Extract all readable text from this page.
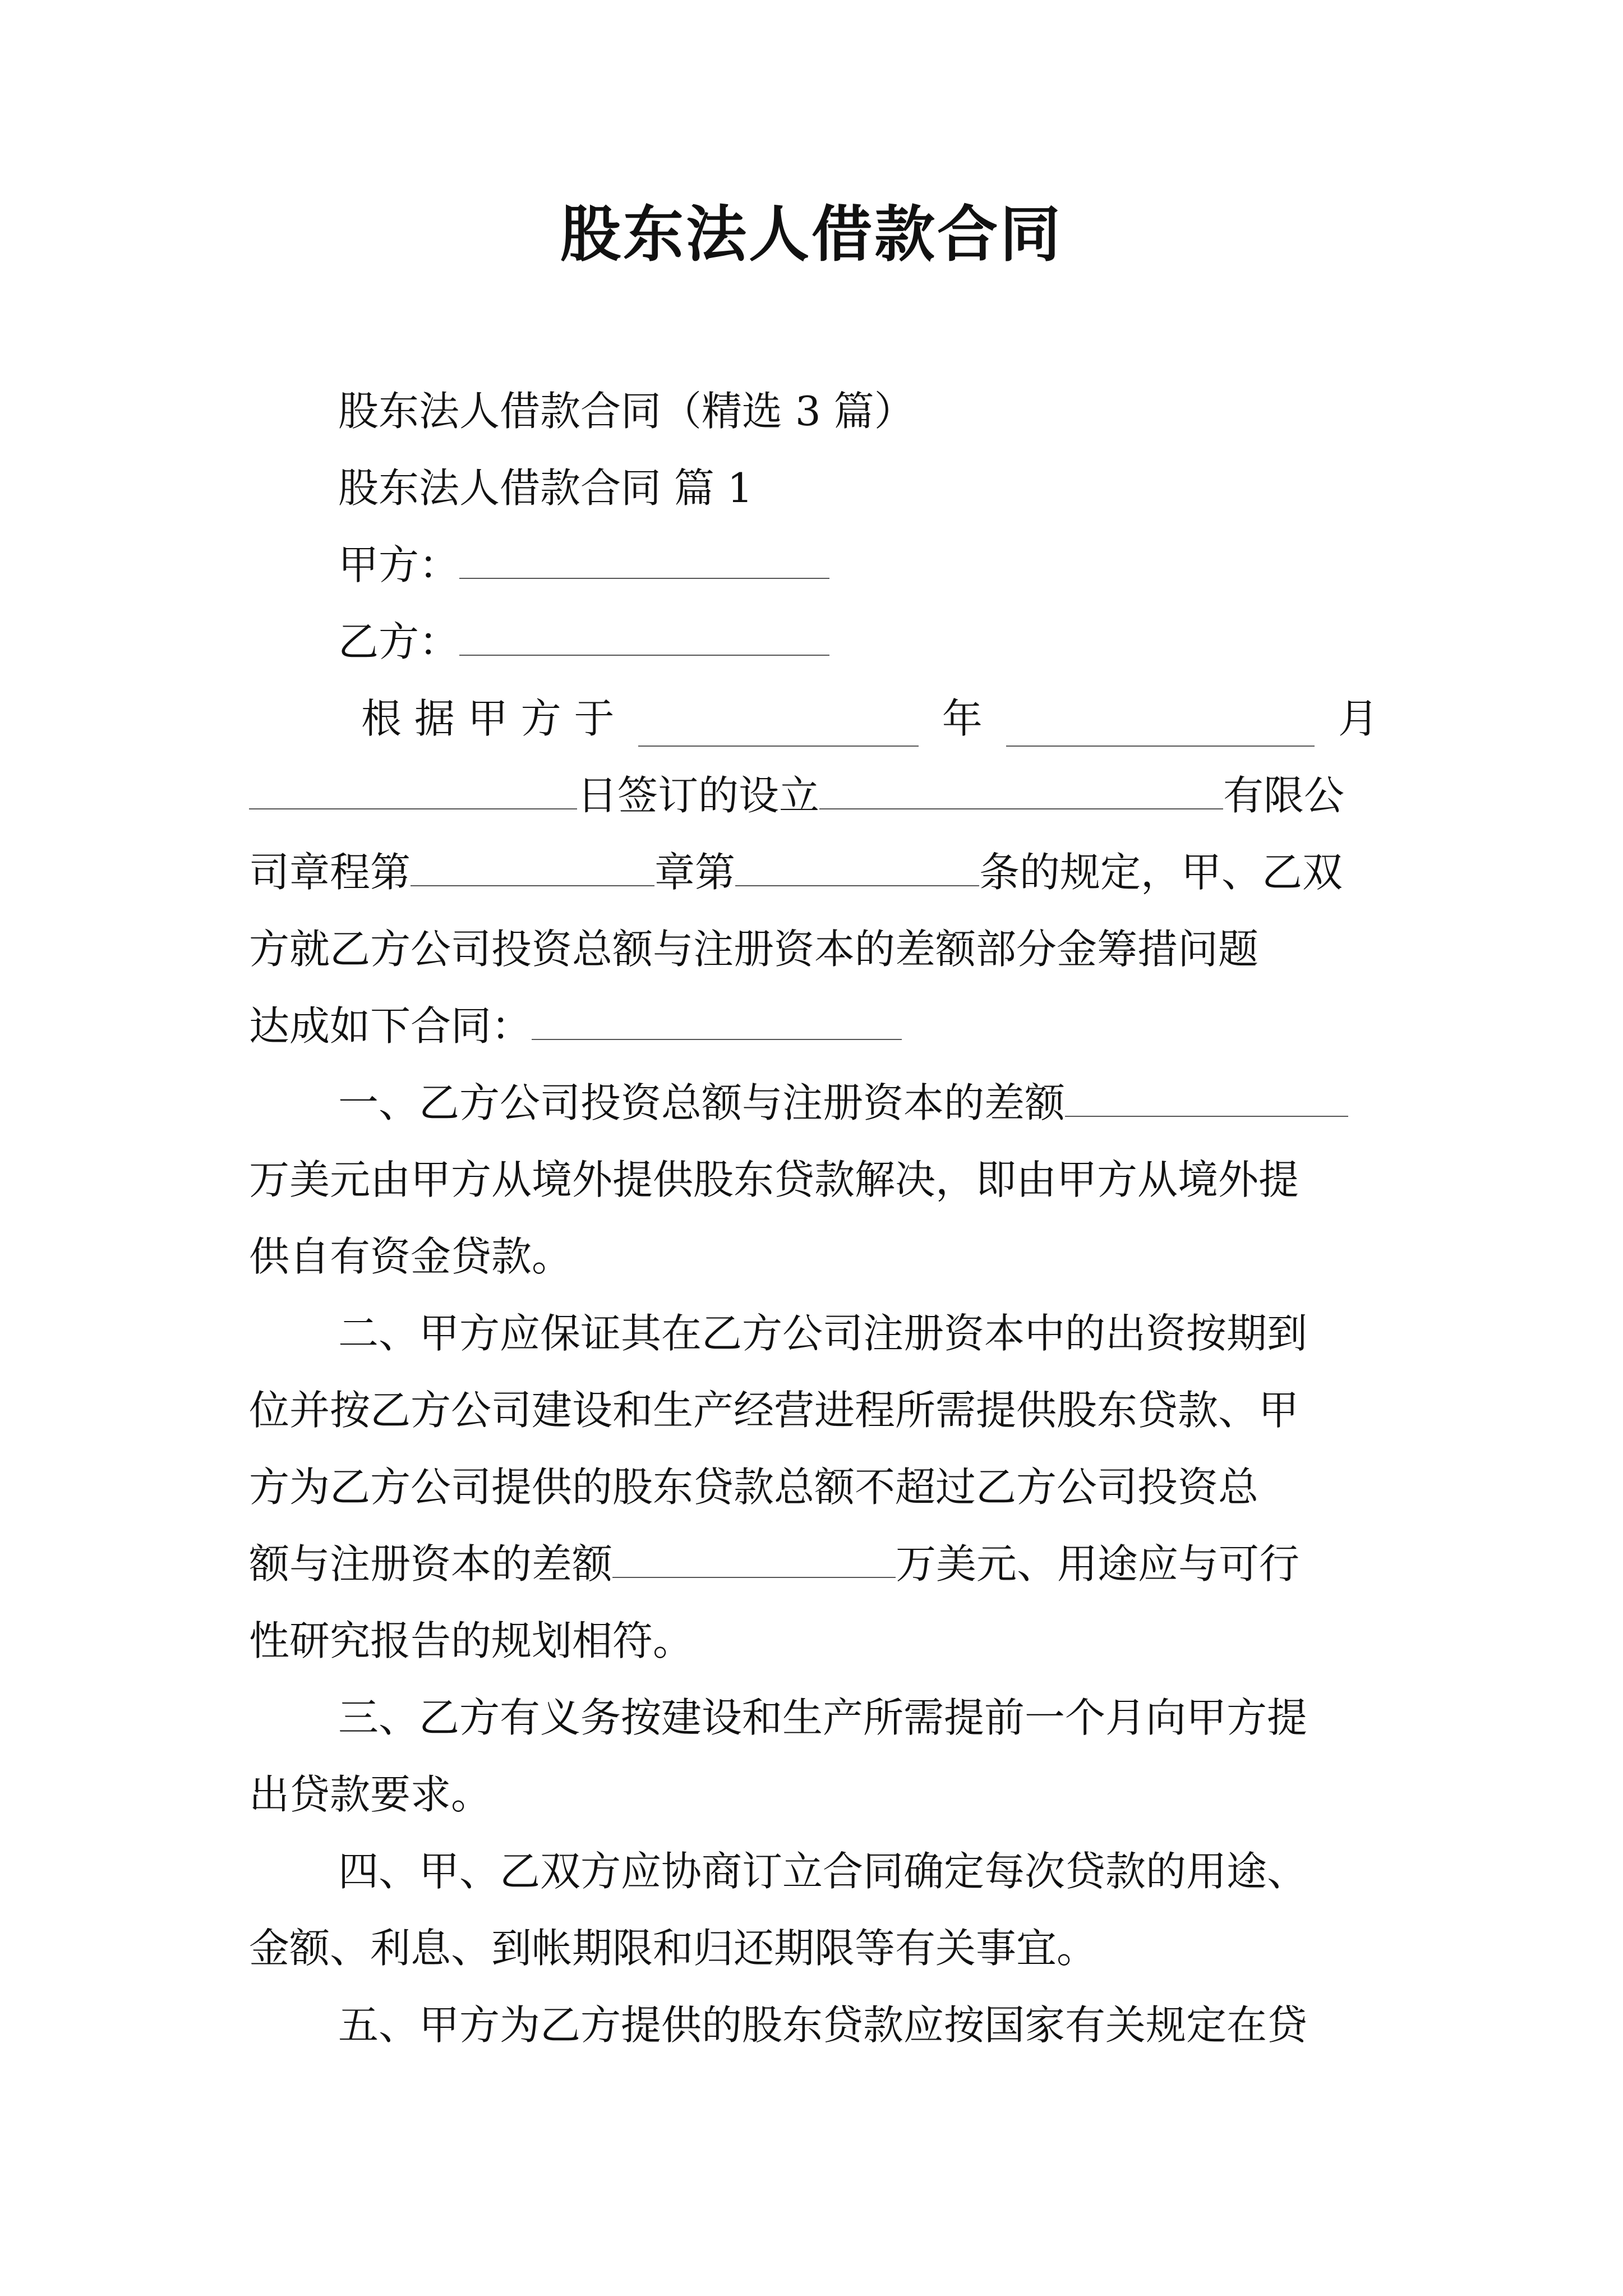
股东法人借款合同
股东法人借款合同（精选 3 篇）
股东法人借款合同 篇 1
甲方：
乙方：
根 据 甲 方 于	年	月
日签订的设立	有限公
司章程第	章第	条的规定，甲、乙双
方就乙方公司投资总额与注册资本的差额部分金筹措问题
达成如下合同：
一、乙方公司投资总额与注册资本的差额
万美元由甲方从境外提供股东贷款解决，即由甲方从境外提
供自有资金贷款。
二、甲方应保证其在乙方公司注册资本中的出资按期到
位并按乙方公司建设和生产经营进程所需提供股东贷款、甲
方为乙方公司提供的股东贷款总额不超过乙方公司投资总
额与注册资本的差额	万美元、用途应与可行
性研究报告的规划相符。
三、乙方有义务按建设和生产所需提前一个月向甲方提
出贷款要求。
四、甲、乙双方应协商订立合同确定每次贷款的用途、
金额、利息、到帐期限和归还期限等有关事宜。
五、甲方为乙方提供的股东贷款应按国家有关规定在贷
